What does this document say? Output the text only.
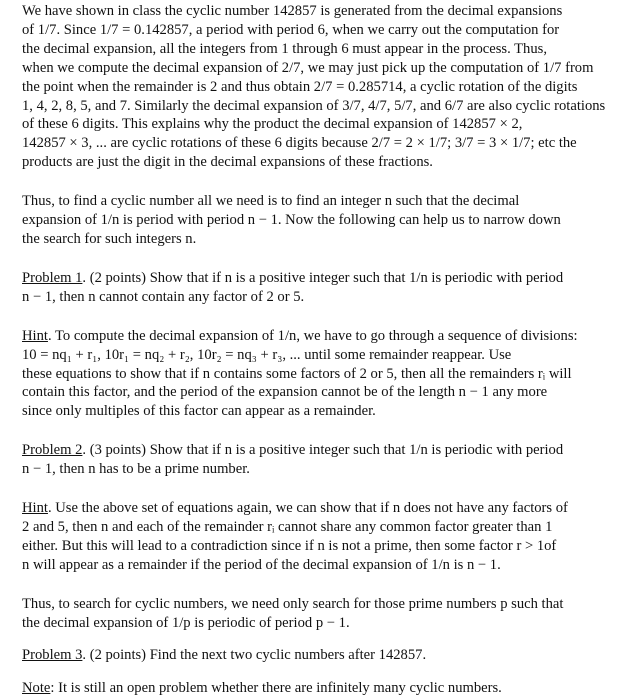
We have shown in class the cyclic number 142857 is generated from the decimal expansions
of 1/7. Since 1/7 = 0.142857, a period with period 6, when we carry out the computation for
the decimal expansion, all the integers from 1 through 6 must appear in the process. Thus,
when we compute the decimal expansion of 2/7, we may just pick up the computation of 1/7 from
the point when the remainder is 2 and thus obtain 2/7 = 0.285714, a cyclic rotation of the digits
1, 4, 2, 8, 5, and 7. Similarly the decimal expansion of 3/7, 4/7, 5/7, and 6/7 are also cyclic rotations
of these 6 digits. This explains why the product the decimal expansion of 142857 × 2,
142857 × 3, ... are cyclic rotations of these 6 digits because 2/7 = 2 × 1/7; 3/7 = 3 × 1/7; etc the
products are just the digit in the decimal expansions of these fractions.

Thus, to find a cyclic number all we need is to find an integer n such that the decimal
expansion of 1/n is period with period n − 1. Now the following can help us to narrow down
the search for such integers n.

Problem 1. (2 points) Show that if n is a positive integer such that 1/n is periodic with period
n − 1, then n cannot contain any factor of 2 or 5.

Hint. To compute the decimal expansion of 1/n, we have to go through a sequence of divisions:
10 = nq₁ + r₁, 10r₁ = nq₂ + r₂, 10r₂ = nq₃ + r₃, ... until some remainder reappear. Use
these equations to show that if n contains some factors of 2 or 5, then all the remainders rᵢ will
contain this factor, and the period of the expansion cannot be of the length n − 1 any more
since only multiples of this factor can appear as a remainder.

Problem 2. (3 points) Show that if n is a positive integer such that 1/n is periodic with period
n − 1, then n has to be a prime number.

Hint. Use the above set of equations again, we can show that if n does not have any factors of
2 and 5, then n and each of the remainder rᵢ cannot share any common factor greater than 1
either. But this will lead to a contradiction since if n is not a prime, then some factor r > 1of
n will appear as a remainder if the period of the decimal expansion of 1/n is n − 1.

Thus, to search for cyclic numbers, we need only search for those prime numbers p such that
the decimal expansion of 1/p is periodic of period p − 1.

Problem 3. (2 points) Find the next two cyclic numbers after 142857.

Note: It is still an open problem whether there are infinitely many cyclic numbers.
